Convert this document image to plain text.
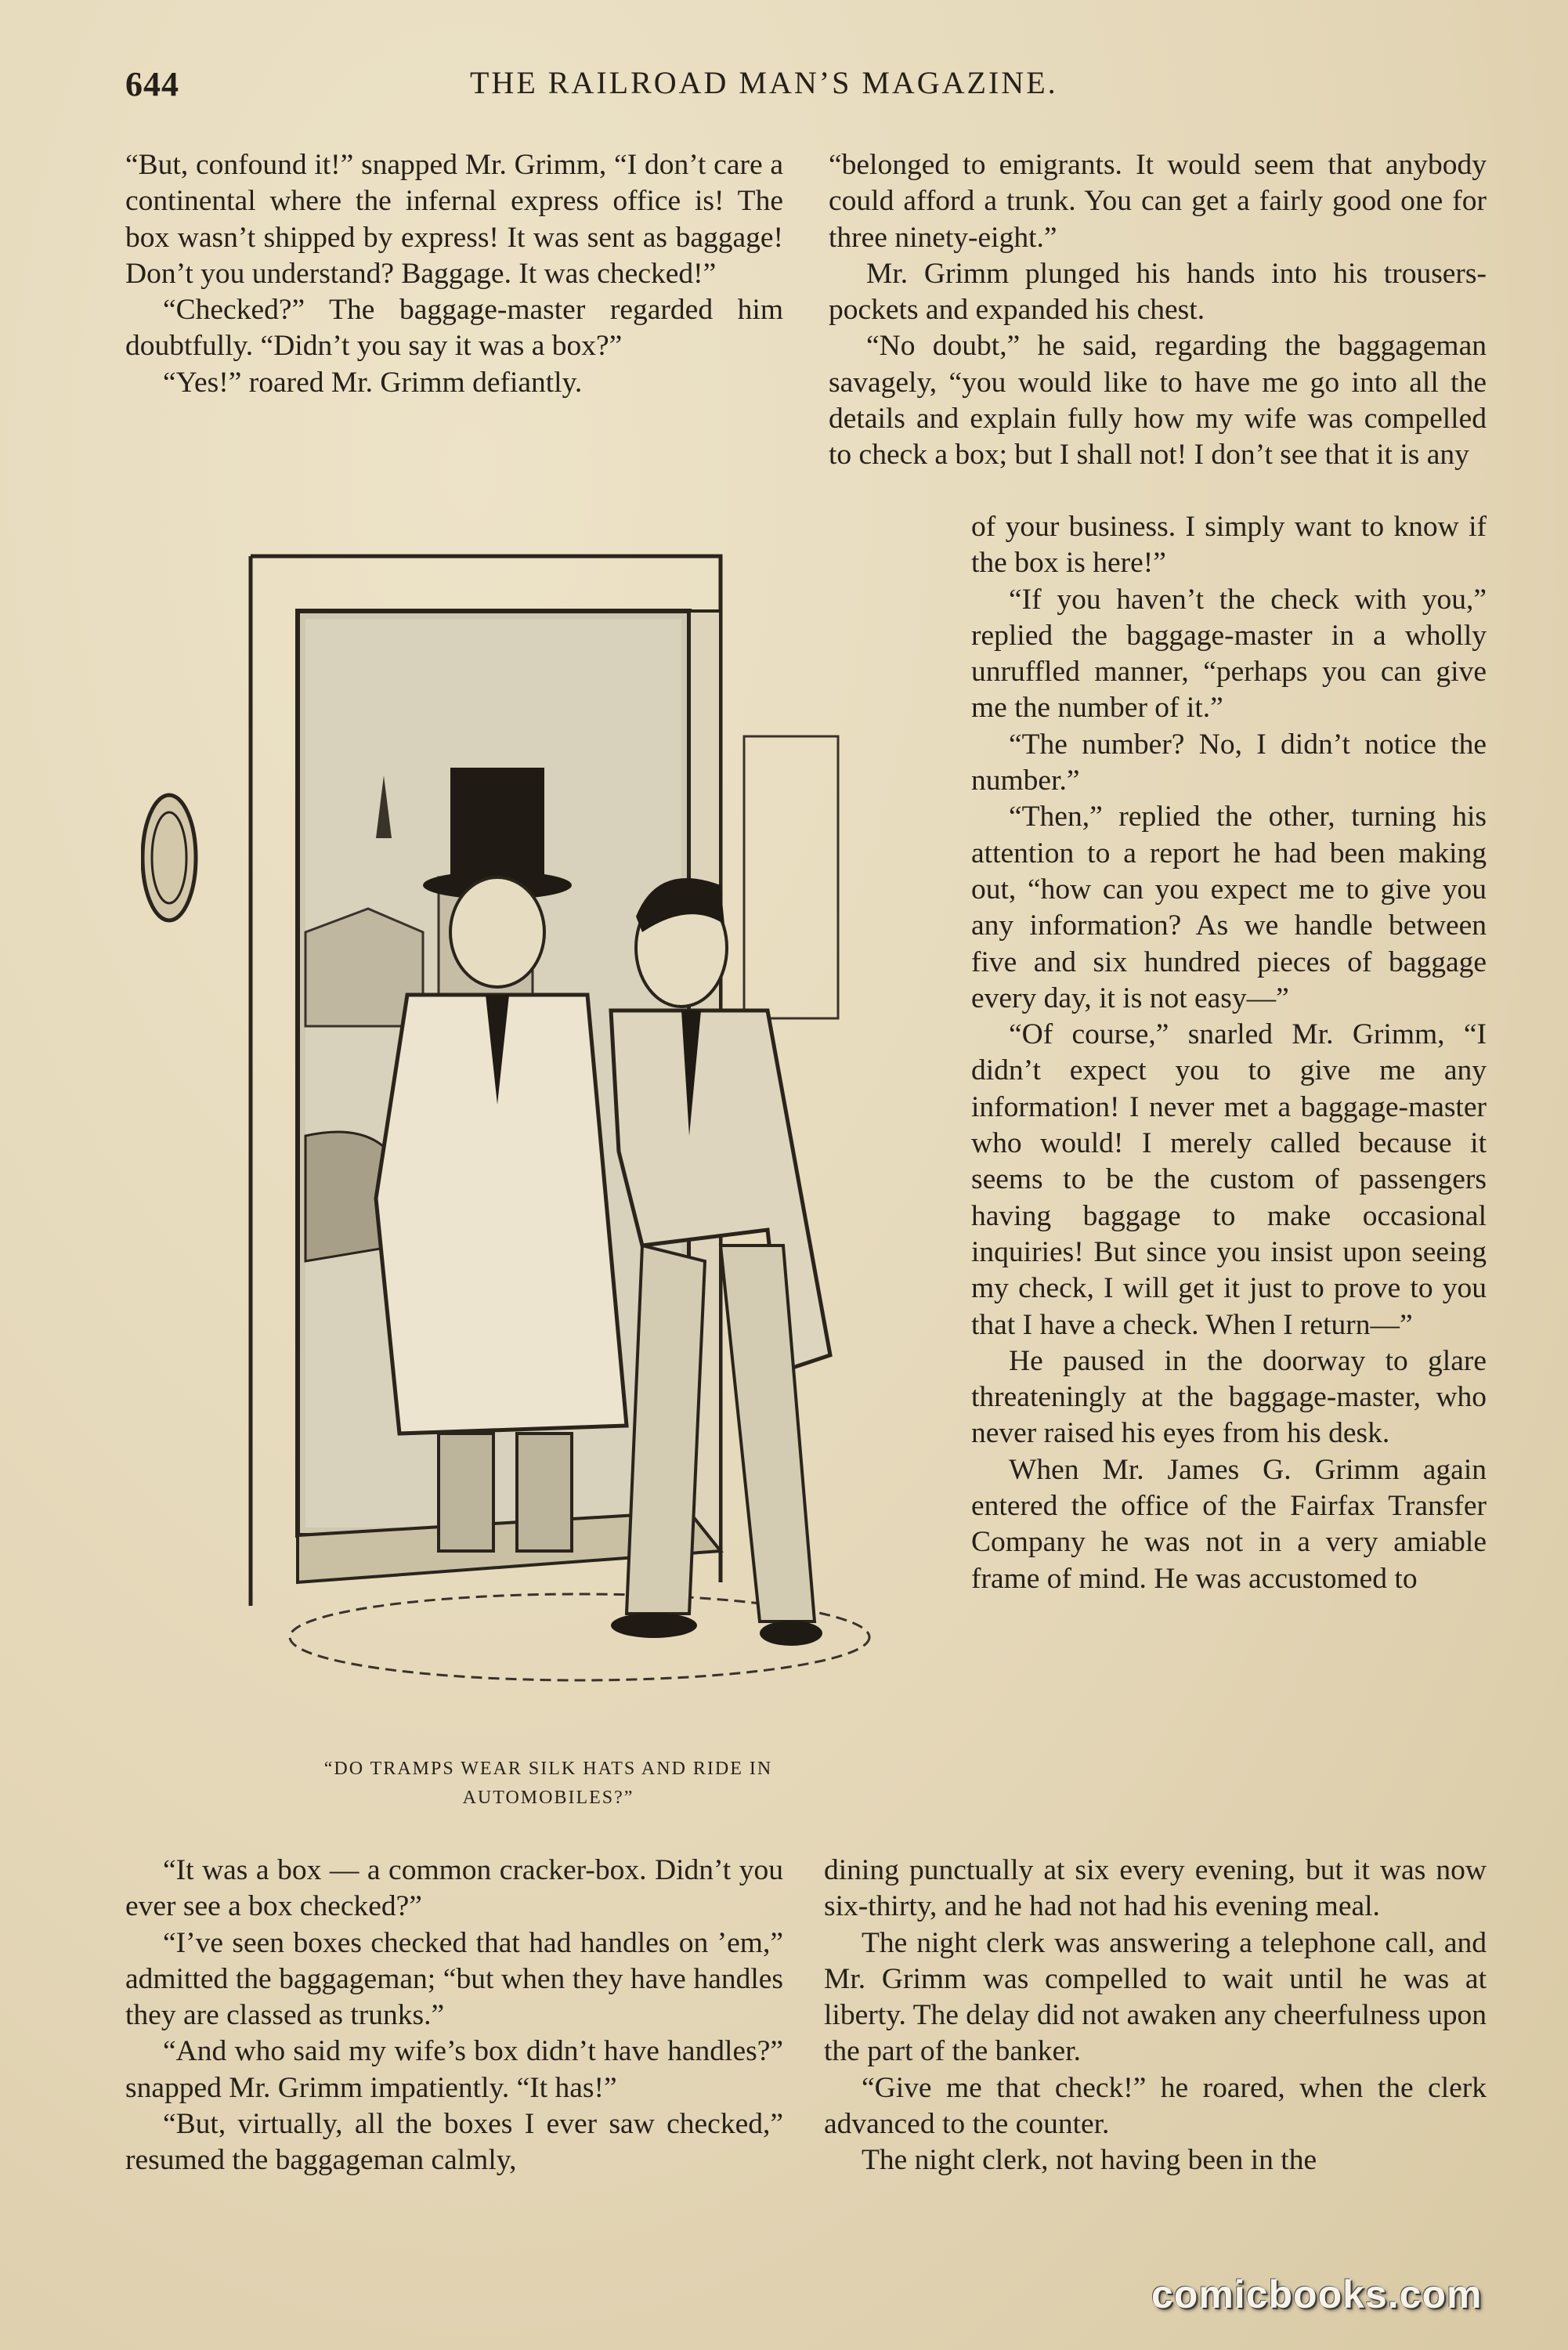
644	THE RAILROAD MAN’S MAGAZINE.

“But, confound it!” snapped Mr. Grimm, “I don’t care a continental where the infernal express office is! The box wasn’t shipped by express! It was sent as baggage! Don’t you understand? Baggage. It was checked!”

“Checked?” The baggage-master regarded him doubtfully. “Didn’t you say it was a box?”

“Yes!” roared Mr. Grimm defiantly.

“DO TRAMPS WEAR SILK HATS AND RIDE IN
AUTOMOBILES?”

“It was a box — a common cracker-box. Didn’t you ever see a box checked?”

“I’ve seen boxes checked that had handles on ’em,” admitted the baggageman; “but when they have handles they are classed as trunks.”

“And who said my wife’s box didn’t have handles?” snapped Mr. Grimm impatiently. “It has!”

“But, virtually, all the boxes I ever saw checked,” resumed the baggageman calmly,

“belonged to emigrants. It would seem that anybody could afford a trunk. You can get a fairly good one for three ninety-eight.”

Mr. Grimm plunged his hands into his trousers-pockets and expanded his chest.

“No doubt,” he said, regarding the baggageman savagely, “you would like to have me go into all the details and explain fully how my wife was compelled to check a box; but I shall not! I don’t see that it is any

of your business. I simply want to know if the box is here!”

“If you haven’t the check with you,” replied the baggage-master in a wholly unruffled manner, “perhaps you can give me the number of it.”

“The number? No, I didn’t notice the number.”

“Then,” replied the other, turning his attention to a report he had been making out, “how can you expect me to give you any information? As we handle between five and six hundred pieces of baggage every day, it is not easy—”

“Of course,” snarled Mr. Grimm, “I didn’t expect you to give me any information! I never met a baggage-master who would! I merely called because it seems to be the custom of passengers having baggage to make occasional inquiries! But since you insist upon seeing my check, I will get it just to prove to you that I have a check. When I return—”

He paused in the doorway to glare threateningly at the baggage-master, who never raised his eyes from his desk.

When Mr. James G. Grimm again entered the office of the Fairfax Transfer Company he was not in a very amiable frame of mind. He was accustomed to

dining punctually at six every evening, but it was now six-thirty, and he had not had his evening meal.

The night clerk was answering a telephone call, and Mr. Grimm was compelled to wait until he was at liberty. The delay did not awaken any cheerfulness upon the part of the banker.

“Give me that check!” he roared, when the clerk advanced to the counter.

The night clerk, not having been in the

comicbooks.com
